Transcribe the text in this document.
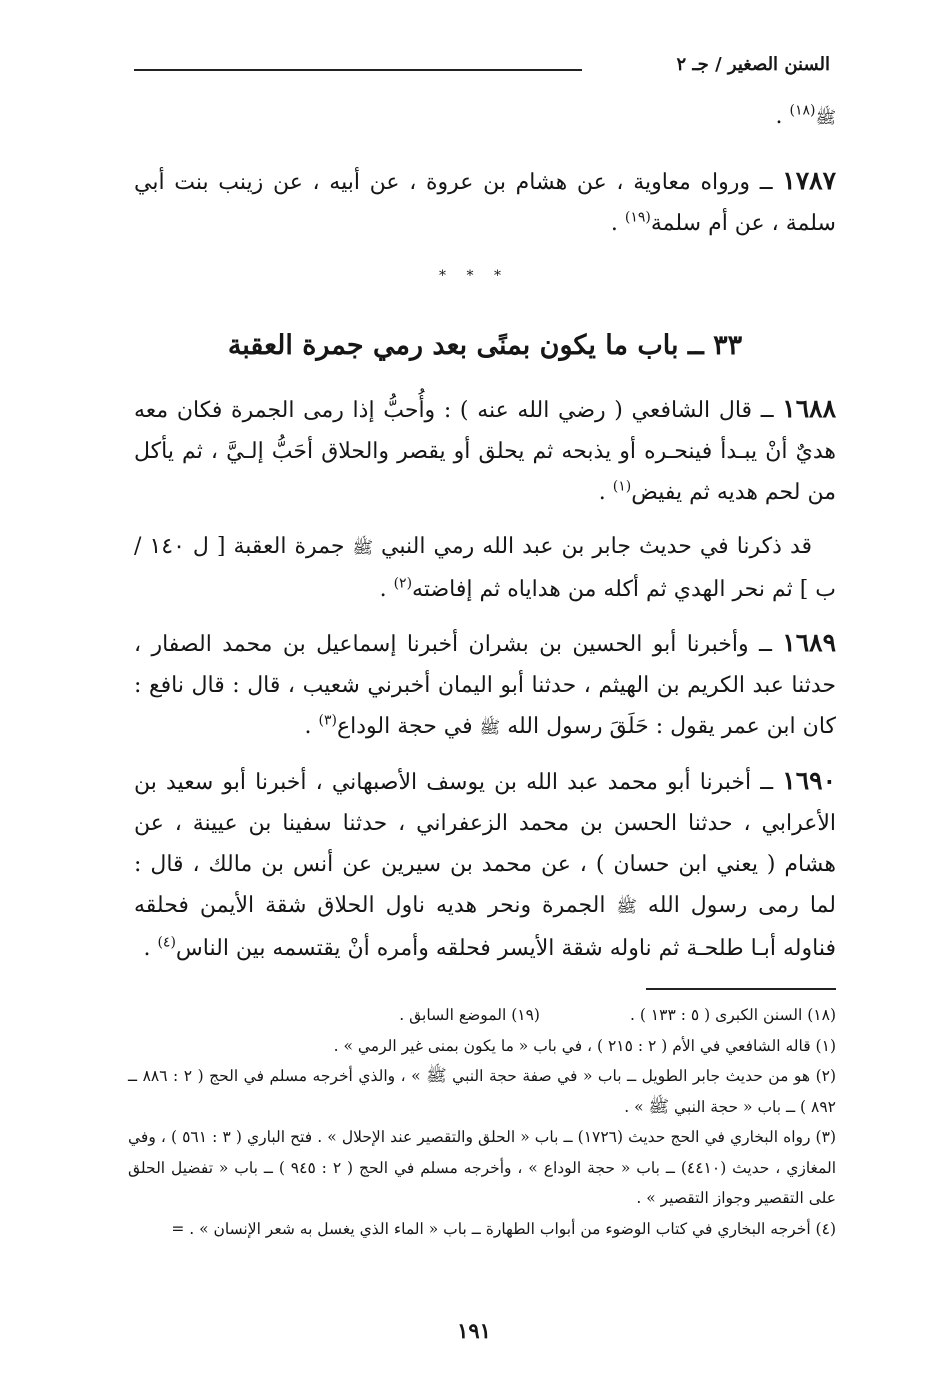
السنن الصغير / جـ ٢

ﷺ$^{(١٨)}$ .

١٧٨٧ ــ ورواه معاوية ، عن هشام بن عروة ، عن أبيه ، عن زينب بنت أبي سلمة ، عن أم سلمة$^{(١٩)}$ .

* * *
٣٣ ــ باب ما يكون بمنًى بعد رمي جمرة العقبة

١٦٨٨ ــ قال الشافعي ( رضي الله عنه ) : وأُحبُّ إذا رمى الجمرة فكان معه هديٌ أنْ يبـدأ فينحـره أو يذبحه ثم يحلق أو يقصر والحلاق أحَبُّ إلـيَّ ، ثم يأكل من لحم هديه ثم يفيض$^{(١)}$ .

قد ذكرنا في حديث جابر بن عبد الله رمي النبي ﷺ جمرة العقبة [ ل ١٤٠ / ب ] ثم نحر الهدي ثم أكله من هداياه ثم إفاضته$^{(٢)}$ .

١٦٨٩ ــ وأخبرنا أبو الحسين بن بشران أخبرنا إسماعيل بن محمد الصفار ، حدثنا عبد الكريم بن الهيثم ، حدثنا أبو اليمان أخبرني شعيب ، قال : قال نافع : كان ابن عمر يقول : حَلَقَ رسول الله ﷺ في حجة الوداع$^{(٣)}$ .

١٦٩٠ ــ أخبرنا أبو محمد عبد الله بن يوسف الأصبهاني ، أخبرنا أبو سعيد بن الأعرابي ، حدثنا الحسن بن محمد الزعفراني ، حدثنا سفينا بن عيينة ، عن هشام ( يعني ابن حسان ) ، عن محمد بن سيرين عن أنس بن مالك ، قال : لما رمى رسول الله ﷺ الجمرة ونحر هديه ناول الحلاق شقة الأيمن فحلقه فناوله أبـا طلحـة ثم ناوله شقة الأيسر فحلقه وأمره أنْ يقتسمه بين الناس$^{(٤)}$ .

(١٨) السنن الكبرى ( ٥ : ١٣٣ ) .
(١٩) الموضع السابق .

(١) قاله الشافعي في الأم ( ٢ : ٢١٥ ) ، في باب « ما يكون بمنى غير الرمي » .

(٢) هو من حديث جابر الطويل ــ باب « في صفة حجة النبي ﷺ » ، والذي أخرجه مسلم في الحج ( ٢ : ٨٨٦ ــ ٨٩٢ ) ــ باب « حجة النبي ﷺ » .

(٣) رواه البخاري في الحج حديث (١٧٢٦) ــ باب « الحلق والتقصير عند الإحلال » . فتح الباري ( ٣ : ٥٦١ ) ، وفي المغازي ، حديث (٤٤١٠) ــ باب « حجة الوداع » ، وأخرجه مسلم في الحج ( ٢ : ٩٤٥ ) ــ باب « تفضيل الحلق على التقصير وجواز التقصير » .

(٤) أخرجه البخاري في كتاب الوضوء من أبواب الطهارة ــ باب « الماء الذي يغسل به شعر الإنسان » . =

١٩١
